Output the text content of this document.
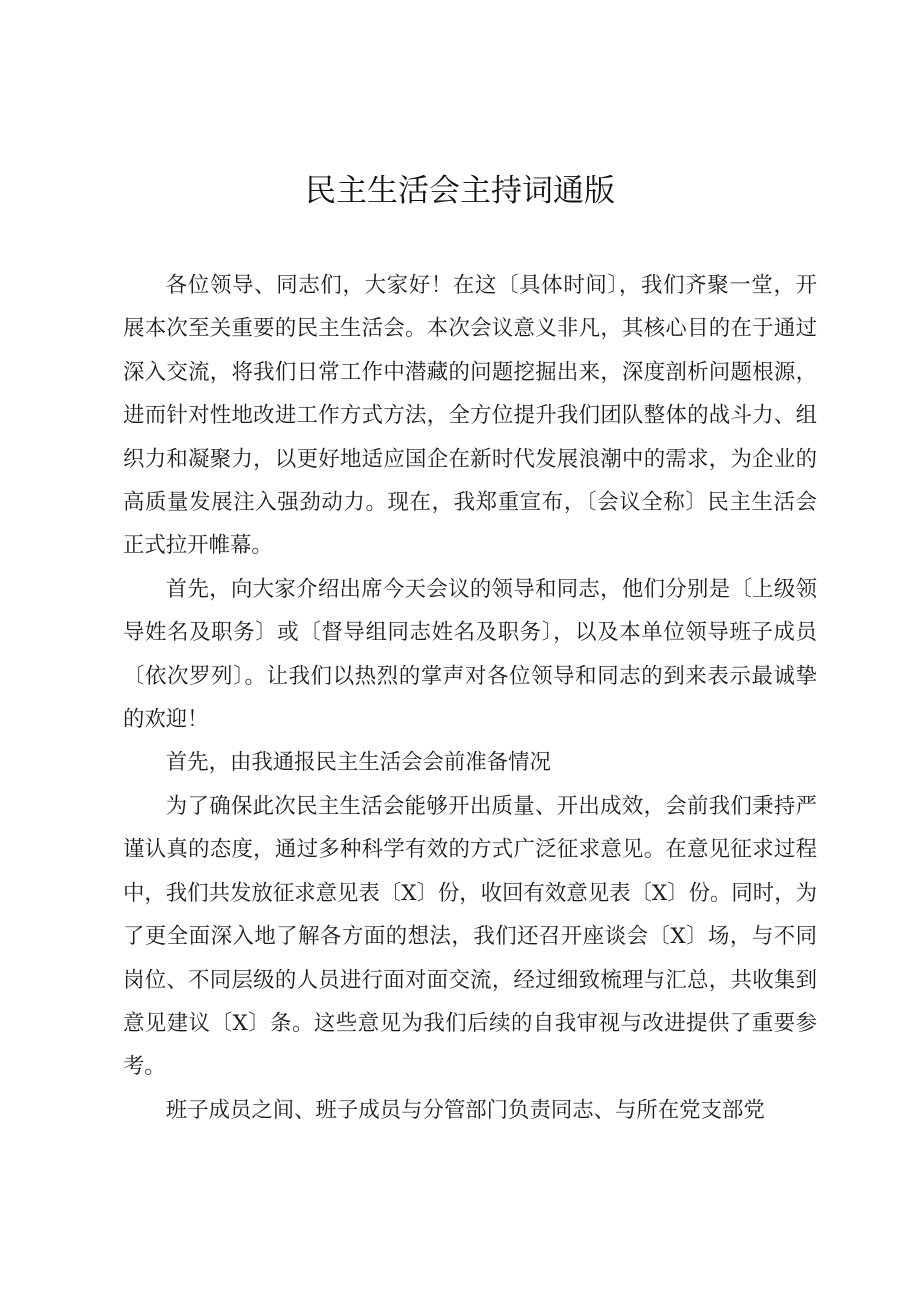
民主生活会主持词通版

各位领导、同志们，大家好！在这〔具体时间〕，我们齐聚一堂，开展本次至关重要的民主生活会。本次会议意义非凡，其核心目的在于通过深入交流，将我们日常工作中潜藏的问题挖掘出来，深度剖析问题根源，进而针对性地改进工作方式方法，全方位提升我们团队整体的战斗力、组织力和凝聚力，以更好地适应国企在新时代发展浪潮中的需求，为企业的高质量发展注入强劲动力。现在，我郑重宣布，〔会议全称〕民主生活会正式拉开帷幕。

首先，向大家介绍出席今天会议的领导和同志，他们分别是〔上级领导姓名及职务〕或〔督导组同志姓名及职务〕，以及本单位领导班子成员〔依次罗列〕。让我们以热烈的掌声对各位领导和同志的到来表示最诚挚的欢迎！

首先，由我通报民主生活会会前准备情况

为了确保此次民主生活会能够开出质量、开出成效，会前我们秉持严谨认真的态度，通过多种科学有效的方式广泛征求意见。在意见征求过程中，我们共发放征求意见表〔X〕份，收回有效意见表〔X〕份。同时，为了更全面深入地了解各方面的想法，我们还召开座谈会〔X〕场，与不同岗位、不同层级的人员进行面对面交流，经过细致梳理与汇总，共收集到意见建议〔X〕条。这些意见为我们后续的自我审视与改进提供了重要参考。

班子成员之间、班子成员与分管部门负责同志、与所在党支部党
